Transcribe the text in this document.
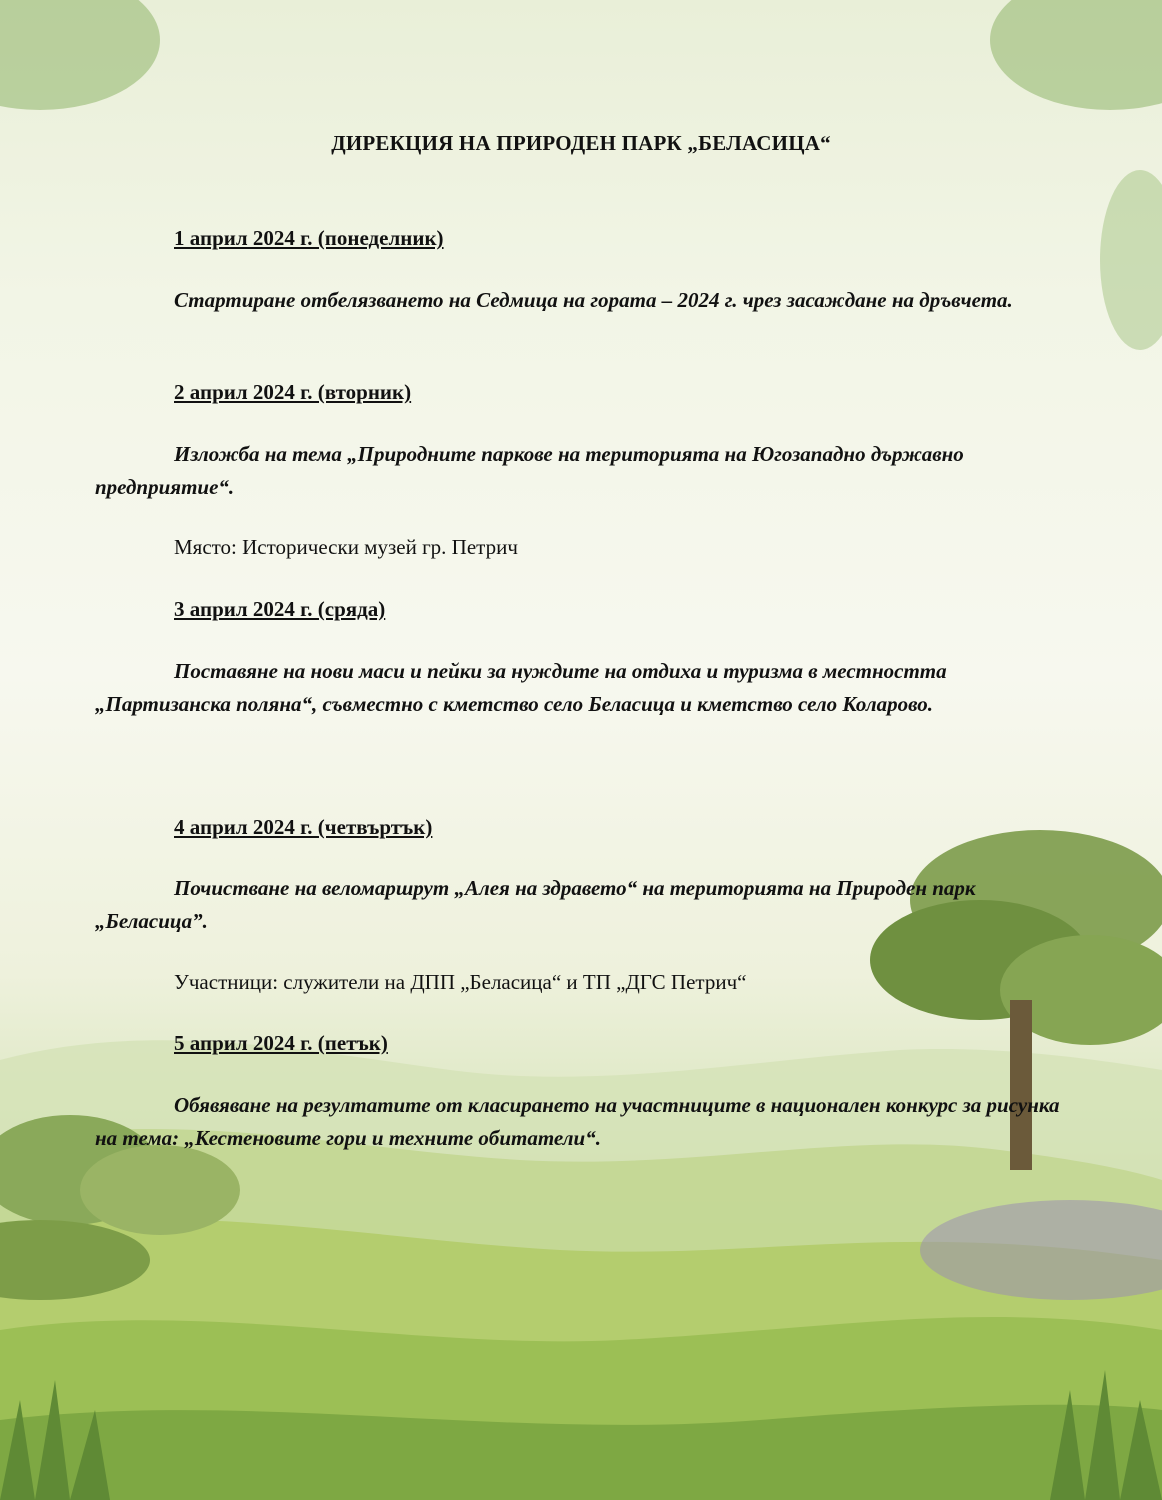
ДИРЕКЦИЯ НА ПРИРОДЕН ПАРК „БЕЛАСИЦА“
1 април 2024 г. (понеделник)
Стартиране отбелязването на Седмица на гората – 2024 г. чрез засаждане на дръвчета.
2 април 2024 г. (вторник)
Изложба на тема „Природните паркове на територията на Югозападно държавно предприятие“.
Място: Исторически музей гр. Петрич
3 април 2024 г. (сряда)
Поставяне на нови маси и пейки за нуждите на отдиха и туризма в местността „Партизанска поляна“, съвместно с кметство село Беласица и кметство село Коларово.
4 април 2024 г. (четвъртък)
Почистване на веломаршрут „Алея на здравето“ на територията на Природен парк „Беласица”.
Участници: служители на ДПП „Беласица“ и ТП „ДГС Петрич“
5 април 2024 г. (петък)
Обявяване на резултатите от класирането на участниците в национален конкурс за рисунка на тема: „Кестеновите гори и техните обитатели“.
